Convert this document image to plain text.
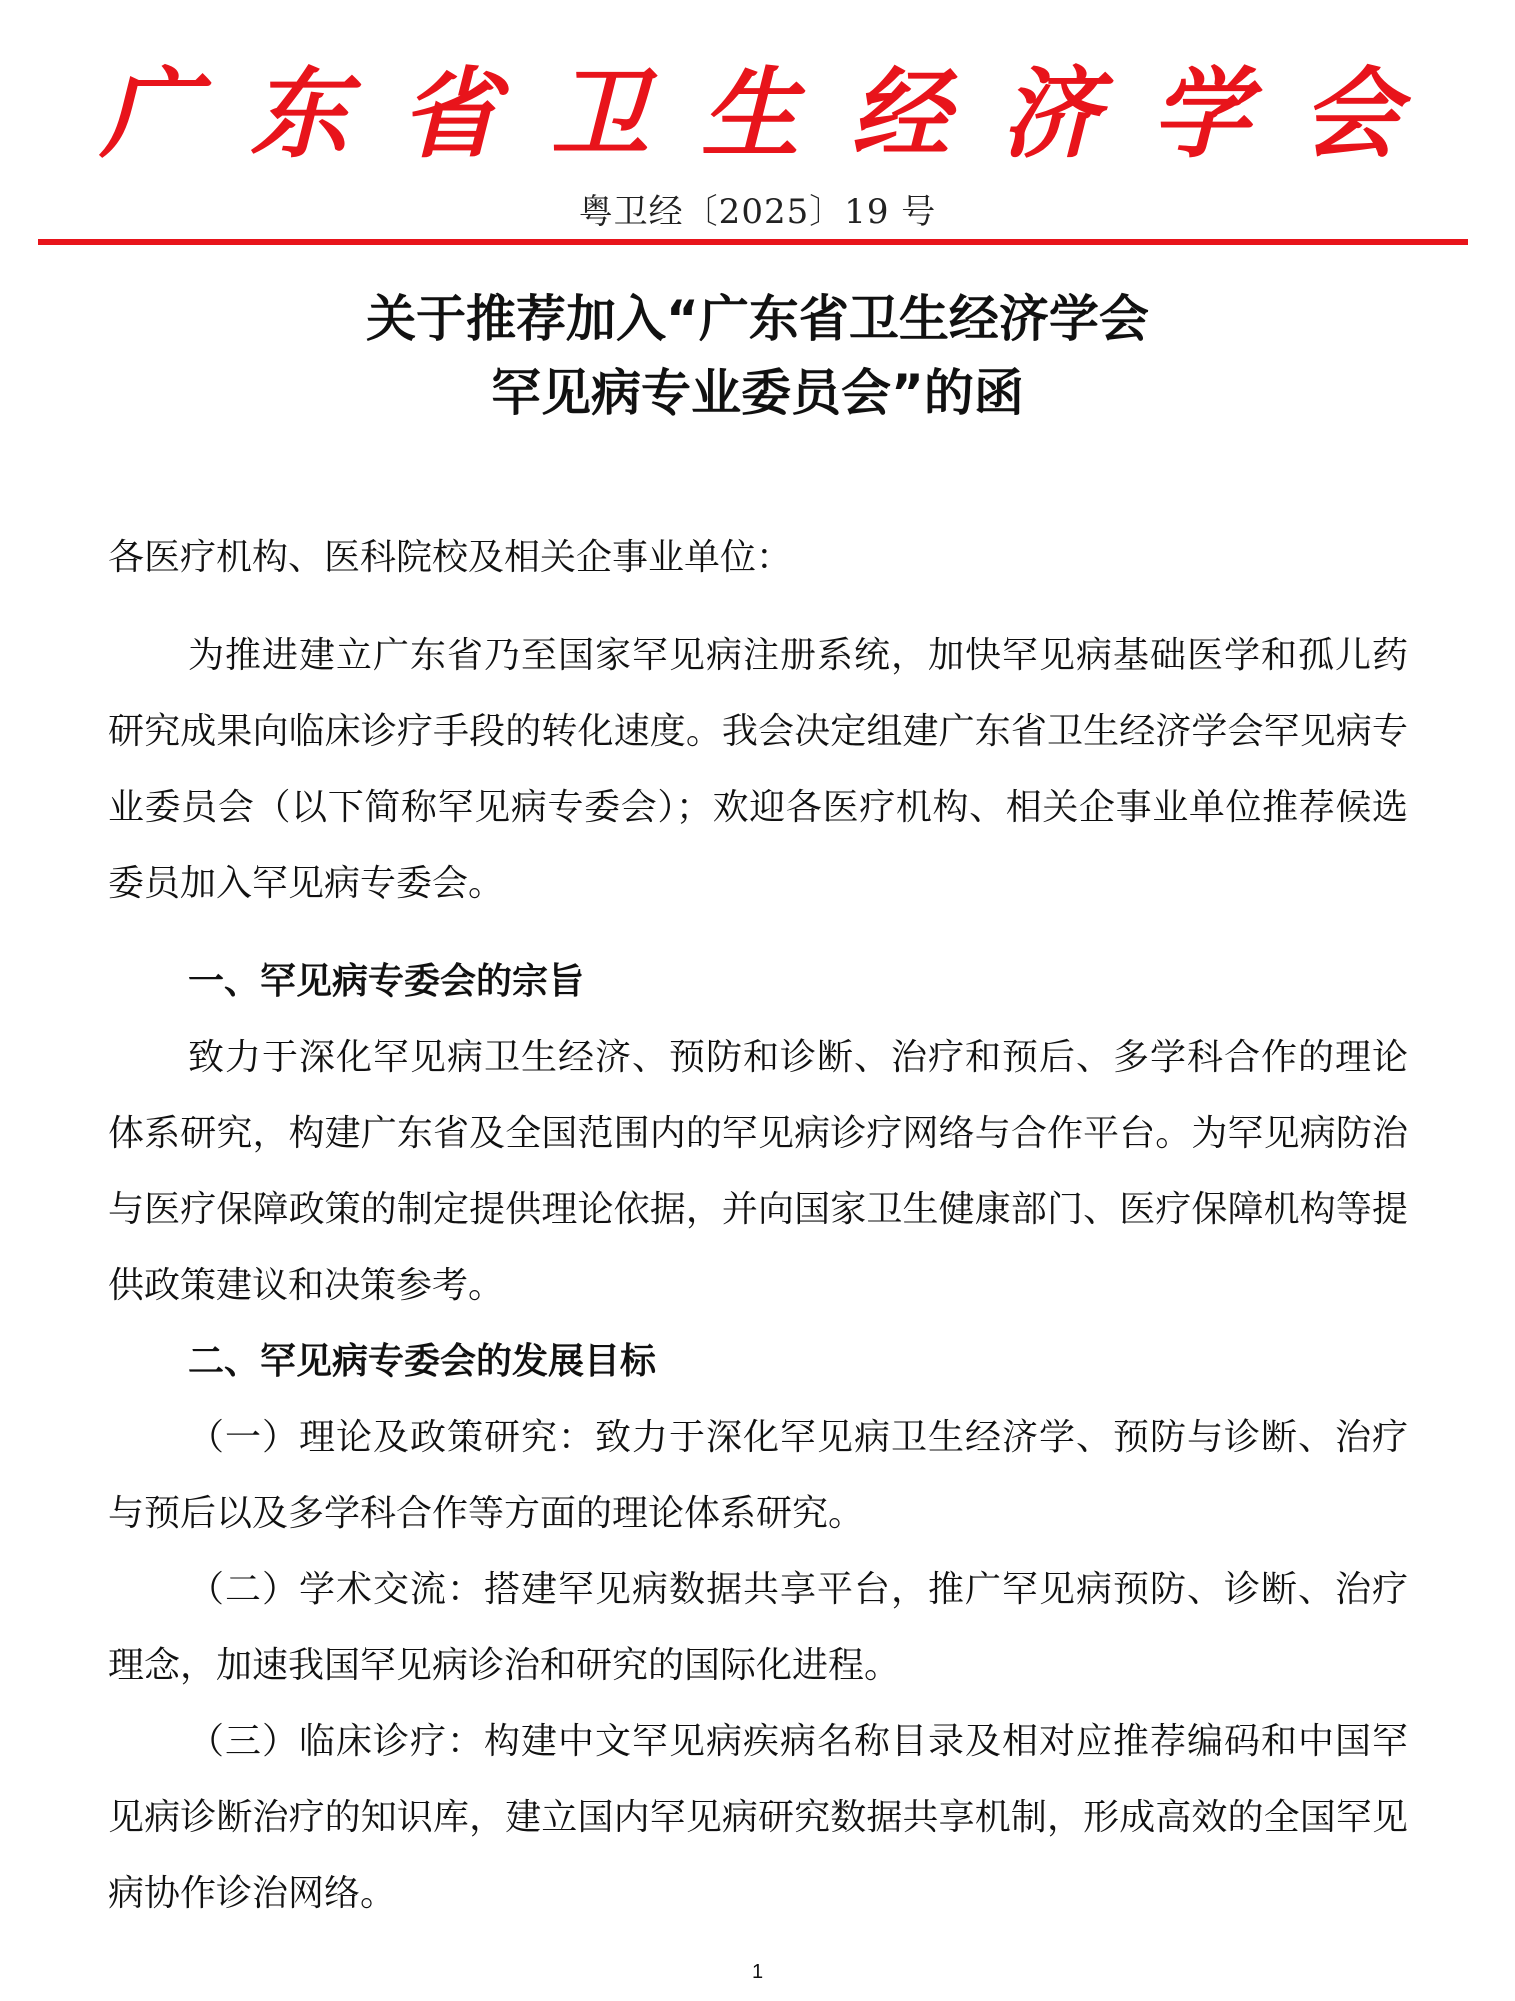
广 东 省 卫 生 经 济 学 会
粤卫经〔2025〕19 号
关于推荐加入“广东省卫生经济学会
罕见病专业委员会”的函

各医疗机构、医科院校及相关企事业单位：

为推进建立广东省乃至国家罕见病注册系统，加快罕见病基础医学和孤儿药研究成果向临床诊疗手段的转化速度。我会决定组建广东省卫生经济学会罕见病专业委员会（以下简称罕见病专委会）；欢迎各医疗机构、相关企事业单位推荐候选委员加入罕见病专委会。

一、罕见病专委会的宗旨

致力于深化罕见病卫生经济、预防和诊断、治疗和预后、多学科合作的理论体系研究，构建广东省及全国范围内的罕见病诊疗网络与合作平台。为罕见病防治与医疗保障政策的制定提供理论依据，并向国家卫生健康部门、医疗保障机构等提供政策建议和决策参考。

二、罕见病专委会的发展目标

（一）理论及政策研究：致力于深化罕见病卫生经济学、预防与诊断、治疗与预后以及多学科合作等方面的理论体系研究。

（二）学术交流：搭建罕见病数据共享平台，推广罕见病预防、诊断、治疗理念，加速我国罕见病诊治和研究的国际化进程。

（三）临床诊疗：构建中文罕见病疾病名称目录及相对应推荐编码和中国罕见病诊断治疗的知识库，建立国内罕见病研究数据共享机制，形成高效的全国罕见病协作诊治网络。

1
